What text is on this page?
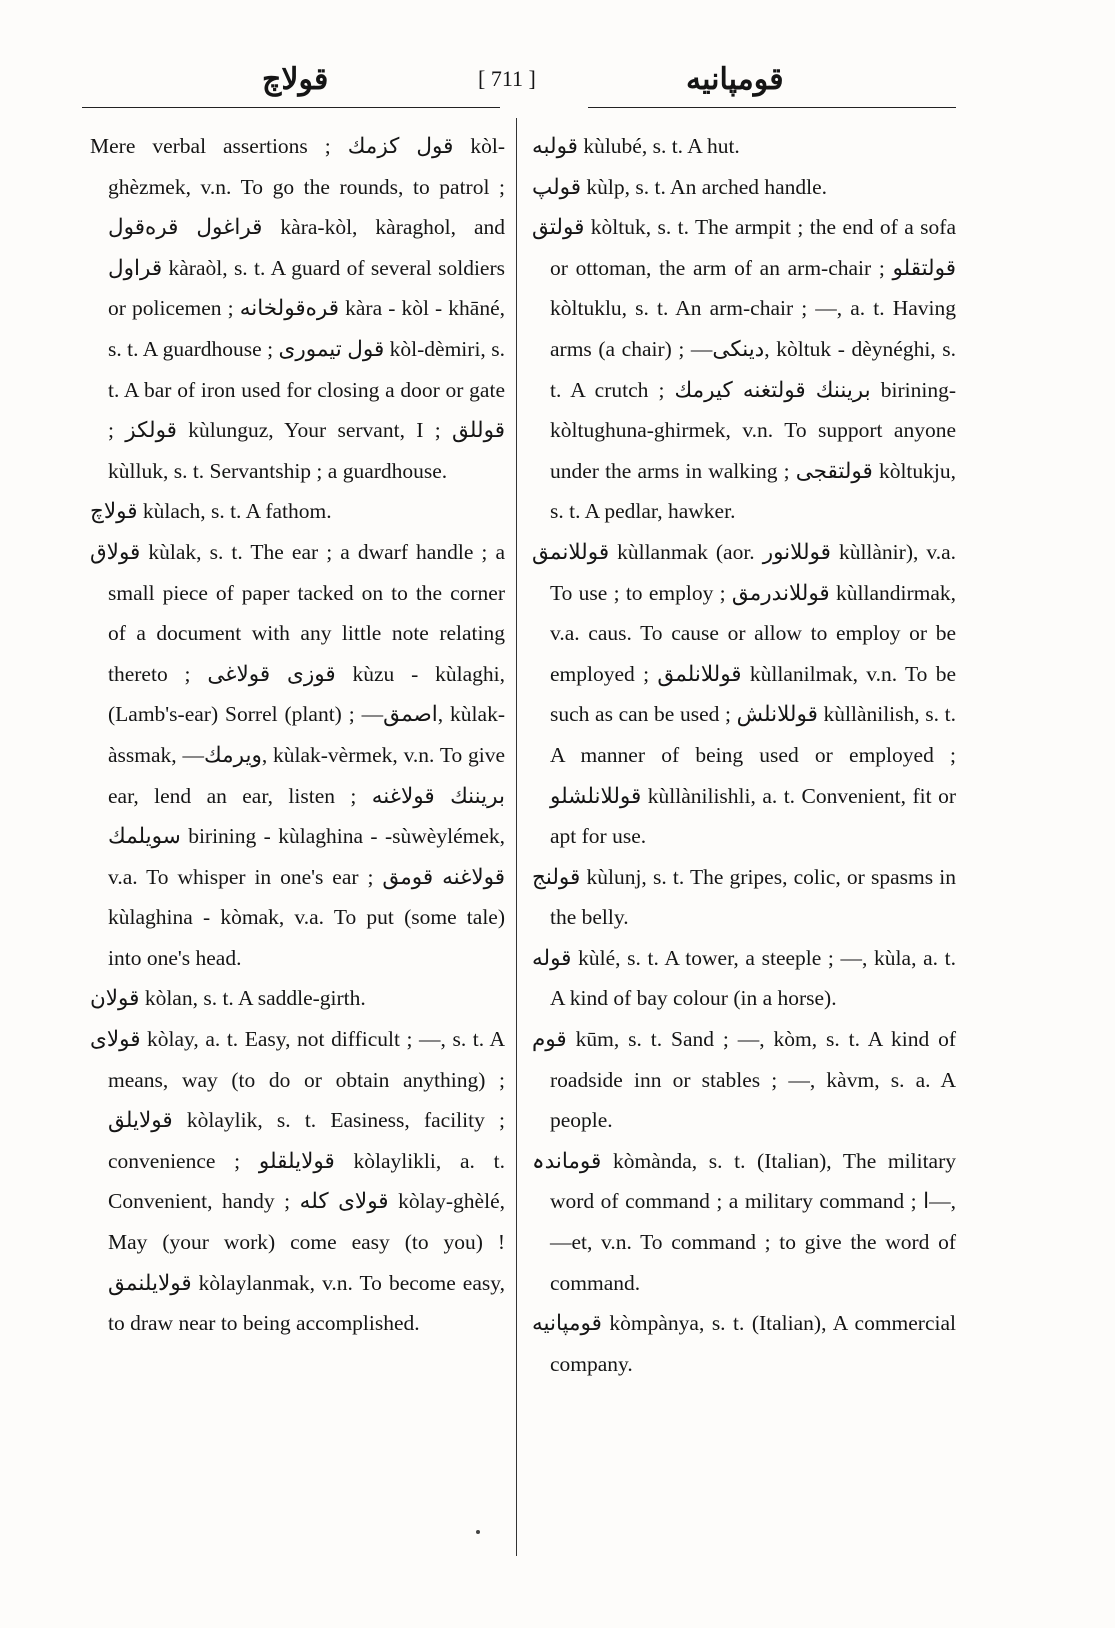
قولاچ	[ 711 ]	قومپانیه

Mere verbal assertions ; قول کزمك kòl-ghèzmek, v.n. To go the rounds, to patrol ; قراغول قره‌قول kàra-kòl, kàraghol, and قراول kàraòl, s. t. A guard of several soldiers or policemen ; قره‌قولخانه kàra - kòl - khāné, s. t. A guardhouse ; قول تیموری kòl-dèmiri, s. t. A bar of iron used for closing a door or gate ; قولکز kùlunguz, Your servant, I ; قوللق kùlluk, s. t. Servantship ; a guardhouse.

قولاچ kùlach, s. t. A fathom.

قولاق kùlak, s. t. The ear ; a dwarf handle ; a small piece of paper tacked on to the corner of a document with any little note relating thereto ; قوزی قولاغی kùzu - kùlaghi, (Lamb's-ear) Sorrel (plant) ; —اصمق, kùlak-àssmak, —ویرمك, kùlak-vèrmek, v.n. To give ear, lend an ear, listen ; بریننك قولاغنه سویلمك birining - kùlaghina - -sùwèylémek, v.a. To whisper in one's ear ; قولاغنه قومق kùlaghina - kòmak, v.a. To put (some tale) into one's head.

قولان kòlan, s. t. A saddle-girth.

قولای kòlay, a. t. Easy, not difficult ; —, s. t. A means, way (to do or obtain anything) ; قولایلق kòlaylik, s. t. Easiness, facility ; convenience ; قولایلقلو kòlaylikli, a. t. Convenient, handy ; قولای کله kòlay-ghèlé, May (your work) come easy (to you) ! قولایلنمق kòlaylanmak, v.n. To become easy, to draw near to being accomplished.

قولبه kùlubé, s. t. A hut.

قولپ kùlp, s. t. An arched handle.

قولتق kòltuk, s. t. The armpit ; the end of a sofa or ottoman, the arm of an arm-chair ; قولتقلو kòltuklu, s. t. An arm-chair ; —, a. t. Having arms (a chair) ; —دینکی, kòltuk - dèynéghi, s. t. A crutch ; بریننك قولتغنه کیرمك birining-kòltughuna-ghirmek, v.n. To support anyone under the arms in walking ; قولتقجی kòltukju, s. t. A pedlar, hawker.

قوللانمق kùllanmak (aor. قوللانور kùllànir), v.a. To use ; to employ ; قوللاندرمق kùllandirmak, v.a. caus. To cause or allow to employ or be employed ; قوللانلمق kùllanilmak, v.n. To be such as can be used ; قوللانلش kùllànilish, s. t. A manner of being used or employed ; قوللانلشلو kùllànilishli, a. t. Convenient, fit or apt for use.

قولنج kùlunj, s. t. The gripes, colic, or spasms in the belly.

قوله kùlé, s. t. A tower, a steeple ; —, kùla, a. t. A kind of bay colour (in a horse).

قوم kūm, s. t. Sand ; —, kòm, s. t. A kind of roadside inn or stables ; —, kàvm, s. a. A people.

قوماندہ kòmànda, s. t. (Italian), The military word of command ; a military command ; ا—, —et, v.n. To command ; to give the word of command.

قومپانیه kòmpànya, s. t. (Italian), A commercial company.
